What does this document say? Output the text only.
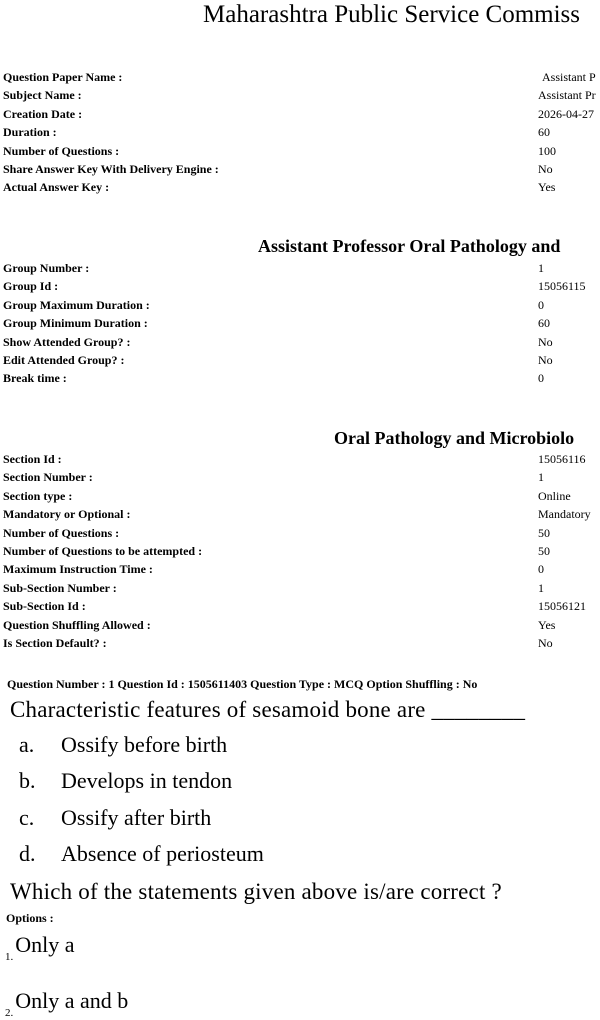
Maharashtra Public Service Commiss
Question Paper Name :	Assistant P
Subject Name :	Assistant Pr
Creation Date :	2026-04-27
Duration :	60
Number of Questions :	100
Share Answer Key With Delivery Engine :	No
Actual Answer Key :	Yes
Assistant Professor Oral Pathology and
Group Number :	1
Group Id :	15056115
Group Maximum Duration :	0
Group Minimum Duration :	60
Show Attended Group? :	No
Edit Attended Group? :	No
Break time :	0
Oral Pathology and Microbiolo
Section Id :	15056116
Section Number :	1
Section type :	Online
Mandatory or Optional :	Mandatory
Number of Questions :	50
Number of Questions to be attempted :	50
Maximum Instruction Time :	0
Sub-Section Number :	1
Sub-Section Id :	15056121
Question Shuffling Allowed :	Yes
Is Section Default? :	No
Question Number : 1 Question Id : 1505611403 Question Type : MCQ Option Shuffling : No
Characteristic features of sesamoid bone are ________
a. Ossify before birth
b. Develops in tendon
c. Ossify after birth
d. Absence of periosteum
Which of the statements given above is/are correct ?
Options :
$_{1.}$Only a
$_{2.}$Only a and b
